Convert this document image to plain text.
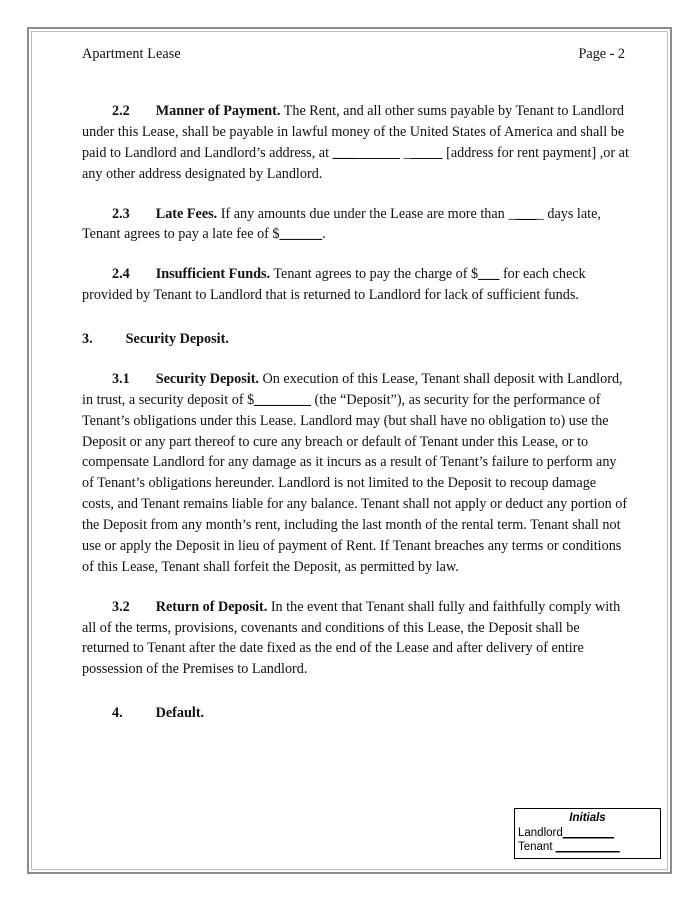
Apartment Lease	Page - 2

2.2 Manner of Payment. The Rent, and all other sums payable by Tenant to Landlord under this Lease, shall be payable in lawful money of the United States of America and shall be paid to Landlord and Landlord’s address, at ___              _          [address for rent payment] ,or at any other address designated by Landlord.

2.3 Late Fees. If any amounts due under the Lease are more than _____ days late, Tenant agrees to pay a late fee of $______.

2.4 Insufficient Funds. Tenant agrees to pay the charge of $___ for each check provided by Tenant to Landlord that is returned to Landlord for lack of sufficient funds.

3. Security Deposit.

3.1 Security Deposit. On execution of this Lease, Tenant shall deposit with Landlord, in trust, a security deposit of $________ (the “Deposit”), as security for the performance of Tenant’s obligations under this Lease. Landlord may (but shall have no obligation to) use the Deposit or any part thereof to cure any breach or default of Tenant under this Lease, or to compensate Landlord for any damage as it incurs as a result of Tenant’s failure to perform any of Tenant’s obligations hereunder. Landlord is not limited to the Deposit to recoup damage costs, and Tenant remains liable for any balance. Tenant shall not apply or deduct any portion of the Deposit from any month’s rent, including the last month of the rental term. Tenant shall not use or apply the Deposit in lieu of payment of Rent. If Tenant breaches any terms or conditions of this Lease, Tenant shall forfeit the Deposit, as permitted by law.

3.2 Return of Deposit. In the event that Tenant shall fully and faithfully comply with all of the terms, provisions, covenants and conditions of this Lease, the Deposit shall be returned to Tenant after the date fixed as the end of the Lease and after delivery of entire possession of the Premises to Landlord.

4. Default.

Initials
Landlord________
Tenant __________
